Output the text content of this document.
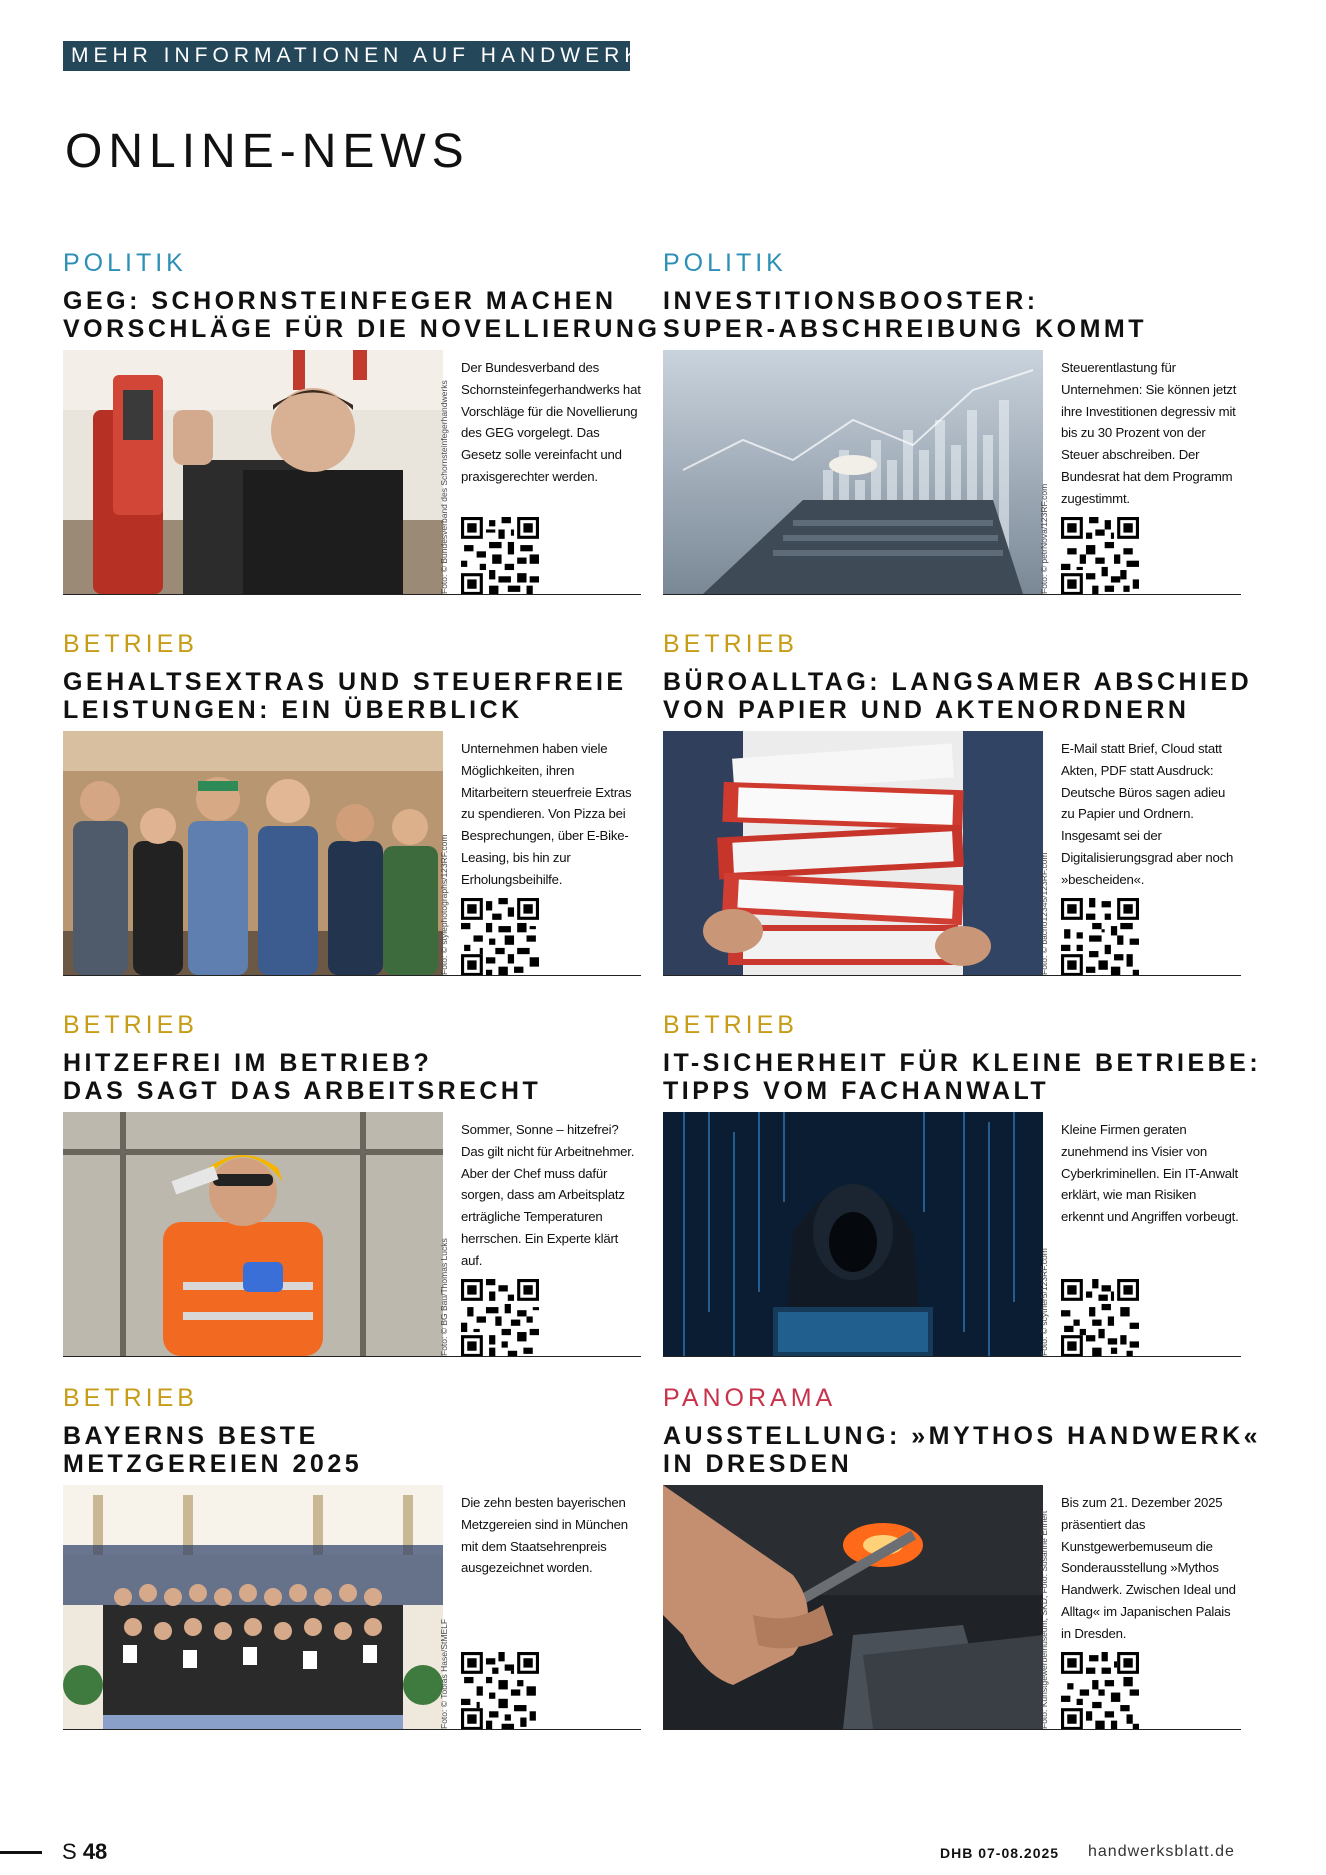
MEHR INFORMATIONEN AUF HANDWERKSBLATT.DE
ONLINE-NEWS
POLITIK
GEG: SCHORNSTEINFEGER MACHEN
VORSCHLÄGE FÜR DIE NOVELLIERUNG
Foto: © Bundesverband des Schornsteinfegerhandwerks
Der Bundesverband des Schornsteinfegerhandwerks hat Vorschläge für die Novellierung des GEG vorgelegt. Das Gesetz solle vereinfacht und praxisgerechter werden.
POLITIK
INVESTITIONSBOOSTER:
SUPER-ABSCHREIBUNG KOMMT
Foto: © petrNova/123RF.com
Steuerentlastung für Unternehmen: Sie können jetzt ihre Investitionen degressiv mit bis zu 30 Prozent von der Steuer abschreiben. Der Bundesrat hat dem Programm zugestimmt.
BETRIEB
GEHALTSEXTRAS UND STEUERFREIE
LEISTUNGEN: EIN ÜBERBLICK
Foto: © stylephotographs/123RF.com
Unternehmen haben viele Möglichkeiten, ihren Mitarbeitern steuerfreie Extras zu spendieren. Von Pizza bei Besprechungen, über E-Bike-Leasing, bis hin zur Erholungsbeihilfe.
BETRIEB
BÜROALLTAG: LANGSAMER ABSCHIED
VON PAPIER UND AKTENORDNERN
Foto: © bacho12345/123RF.com
E-Mail statt Brief, Cloud statt Akten, PDF statt Ausdruck: Deutsche Büros sagen adieu zu Papier und Ordnern. Insgesamt sei der Digitalisierungsgrad aber noch »bescheiden«.
BETRIEB
HITZEFREI IM BETRIEB?
DAS SAGT DAS ARBEITSRECHT
Foto: © BG Bau/Thomas Lucks
Sommer, Sonne – hitzefrei? Das gilt nicht für Arbeitnehmer. Aber der Chef muss dafür sorgen, dass am Arbeitsplatz erträgliche Temperaturen herrschen. Ein Experte klärt auf.
BETRIEB
IT-SICHERHEIT FÜR KLEINE BETRIEBE:
TIPPS VOM FACHANWALT
Foto: © scyther5/123RF.com
Kleine Firmen geraten zunehmend ins Visier von Cyberkriminellen. Ein IT-Anwalt erklärt, wie man Risiken erkennt und Angriffen vorbeugt.
BETRIEB
BAYERNS BESTE
METZGEREIEN 2025
Foto: © Tobias Hase/StMELF
Die zehn besten bayerischen Metzgereien sind in München mit dem Staatsehrenpreis ausgezeichnet worden.
PANORAMA
AUSSTELLUNG: »MYTHOS HANDWERK«
IN DRESDEN
Foto: Kunstgewerbemuseum, SKD, Foto: Susanne Ehnert
Bis zum 21. Dezember 2025 präsentiert das Kunstgewerbemuseum die Sonderausstellung »Mythos Handwerk. Zwischen Ideal und Alltag« im Japanischen Palais in Dresden.
S 48	DHB 07-08.2025 handwerksblatt.de
